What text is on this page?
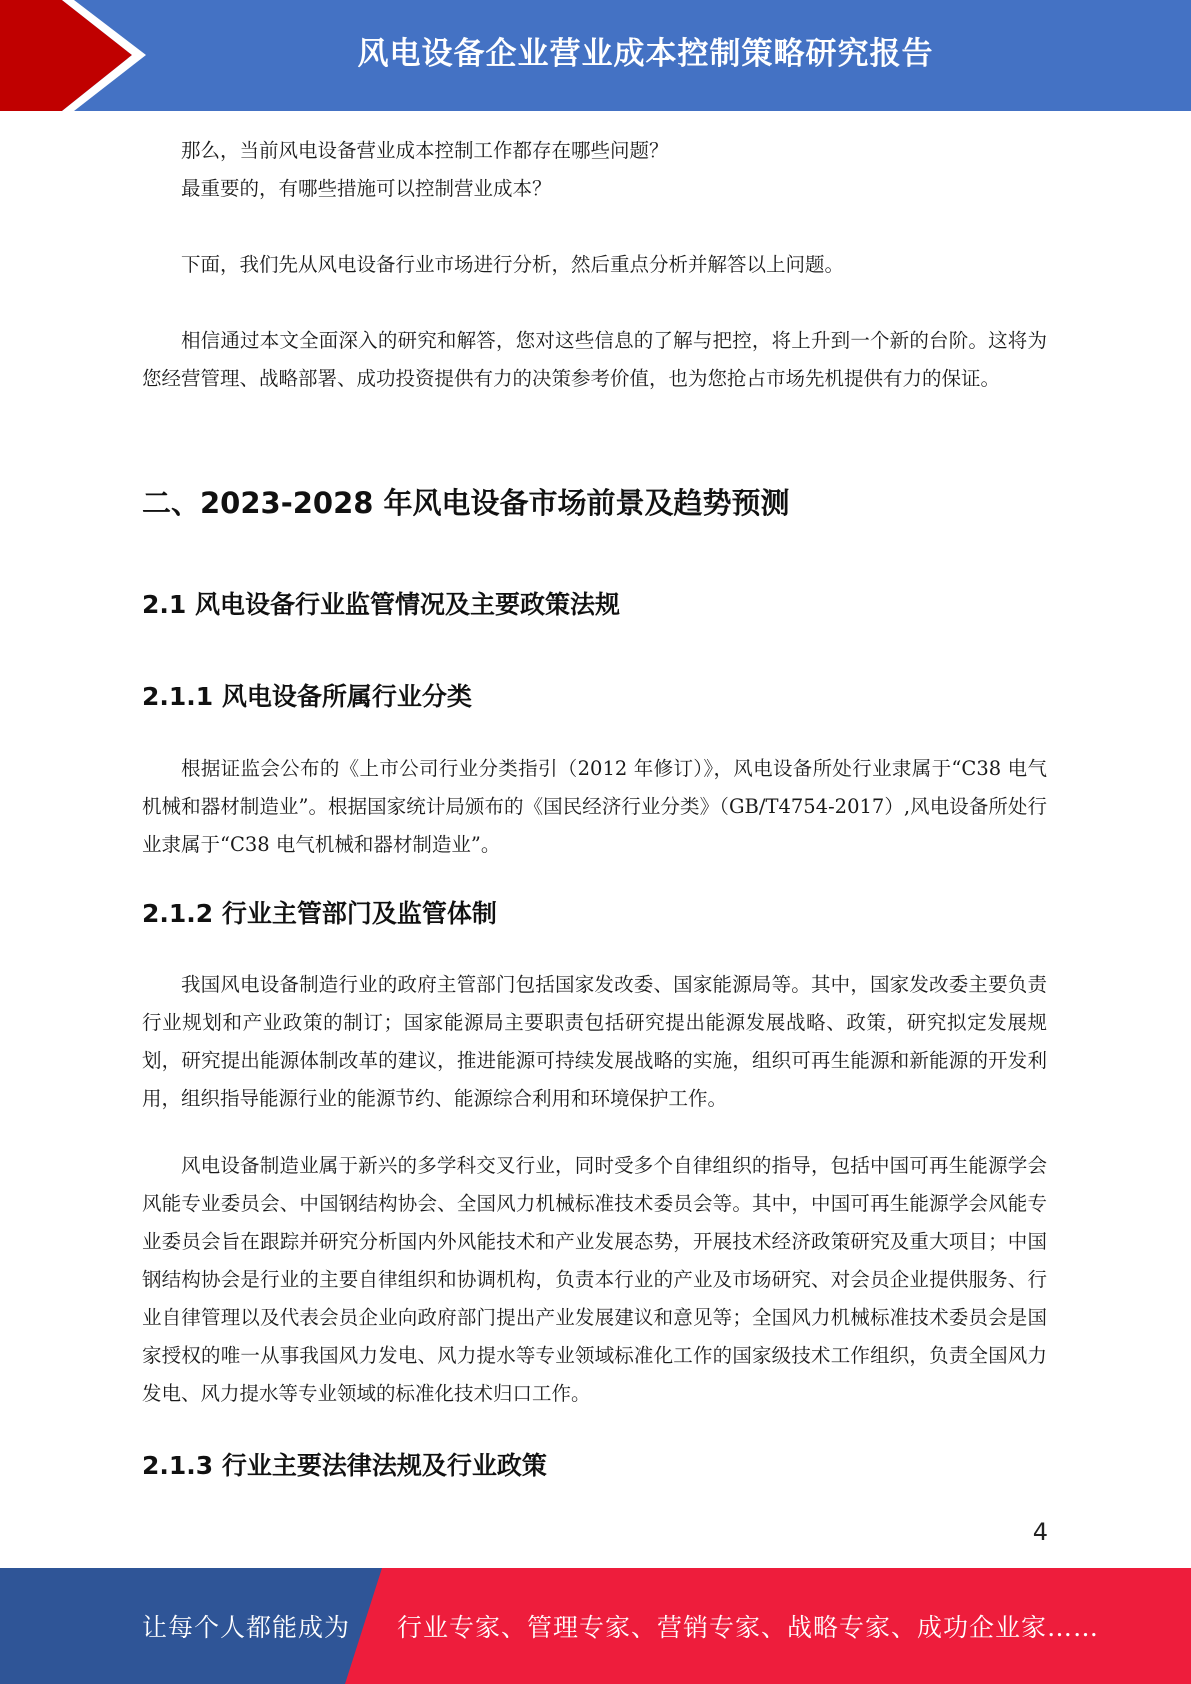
风电设备企业营业成本控制策略研究报告

那么，当前风电设备营业成本控制工作都存在哪些问题？

最重要的，有哪些措施可以控制营业成本？

下面，我们先从风电设备行业市场进行分析，然后重点分析并解答以上问题。

相信通过本文全面深入的研究和解答，您对这些信息的了解与把控，将上升到一个新的台阶。这将为您经营管理、战略部署、成功投资提供有力的决策参考价值，也为您抢占市场先机提供有力的保证。

二、2023-2028 年风电设备市场前景及趋势预测
2.1 风电设备行业监管情况及主要政策法规
2.1.1 风电设备所属行业分类

根据证监会公布的《上市公司行业分类指引（2012 年修订）》，风电设备所处行业隶属于“C38 电气机械和器材制造业”。根据国家统计局颁布的《国民经济行业分类》（GB/T4754-2017）,风电设备所处行业隶属于“C38 电气机械和器材制造业”。

2.1.2 行业主管部门及监管体制

我国风电设备制造行业的政府主管部门包括国家发改委、国家能源局等。其中，国家发改委主要负责行业规划和产业政策的制订；国家能源局主要职责包括研究提出能源发展战略、政策，研究拟定发展规划，研究提出能源体制改革的建议，推进能源可持续发展战略的实施，组织可再生能源和新能源的开发利用，组织指导能源行业的能源节约、能源综合利用和环境保护工作。

风电设备制造业属于新兴的多学科交叉行业，同时受多个自律组织的指导，包括中国可再生能源学会风能专业委员会、中国钢结构协会、全国风力机械标准技术委员会等。其中，中国可再生能源学会风能专业委员会旨在跟踪并研究分析国内外风能技术和产业发展态势，开展技术经济政策研究及重大项目；中国钢结构协会是行业的主要自律组织和协调机构，负责本行业的产业及市场研究、对会员企业提供服务、行业自律管理以及代表会员企业向政府部门提出产业发展建议和意见等；全国风力机械标准技术委员会是国家授权的唯一从事我国风力发电、风力提水等专业领域标准化工作的国家级技术工作组织，负责全国风力发电、风力提水等专业领域的标准化技术归口工作。

2.1.3 行业主要法律法规及行业政策
4
让每个人都能成为 行业专家、管理专家、营销专家、战略专家、成功企业家……
